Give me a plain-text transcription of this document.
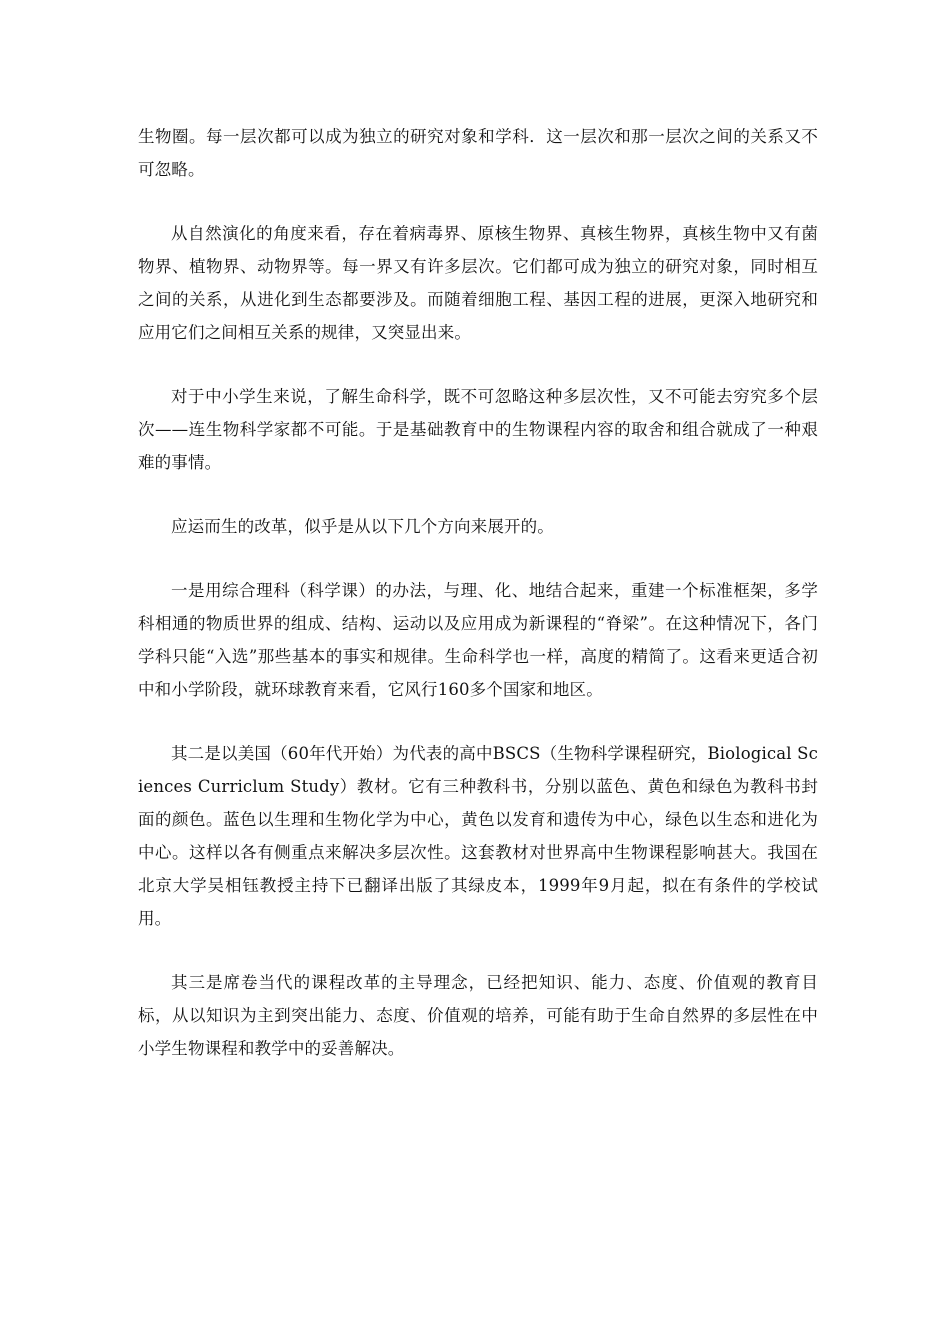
生物圈。每一层次都可以成为独立的研究对象和学科．这一层次和那一层次之间的关系又不可忽略。

从自然演化的角度来看，存在着病毒界、原核生物界、真核生物界，真核生物中又有菌物界、植物界、动物界等。每一界又有许多层次。它们都可成为独立的研究对象，同时相互之间的关系，从进化到生态都要涉及。而随着细胞工程、基因工程的进展，更深入地研究和应用它们之间相互关系的规律，又突显出来。

对于中小学生来说，了解生命科学，既不可忽略这种多层次性，又不可能去穷究多个层次——连生物科学家都不可能。于是基础教育中的生物课程内容的取舍和组合就成了一种艰难的事情。

应运而生的改革，似乎是从以下几个方向来展开的。

一是用综合理科（科学课）的办法，与理、化、地结合起来，重建一个标准框架，多学科相通的物质世界的组成、结构、运动以及应用成为新课程的“脊梁”。在这种情况下，各门学科只能“入选”那些基本的事实和规律。生命科学也一样，高度的精简了。这看来更适合初中和小学阶段，就环球教育来看，它风行160多个国家和地区。

其二是以美国（60年代开始）为代表的高中BSCS（生物科学课程研究，Biological Sciences Curriclum Study）教材。它有三种教科书，分别以蓝色、黄色和绿色为教科书封面的颜色。蓝色以生理和生物化学为中心，黄色以发育和遗传为中心，绿色以生态和进化为中心。这样以各有侧重点来解决多层次性。这套教材对世界高中生物课程影响甚大。我国在北京大学吴相钰教授主持下已翻译出版了其绿皮本，1999年9月起，拟在有条件的学校试用。

其三是席卷当代的课程改革的主导理念，已经把知识、能力、态度、价值观的教育目标，从以知识为主到突出能力、态度、价值观的培养，可能有助于生命自然界的多层性在中小学生物课程和教学中的妥善解决。
